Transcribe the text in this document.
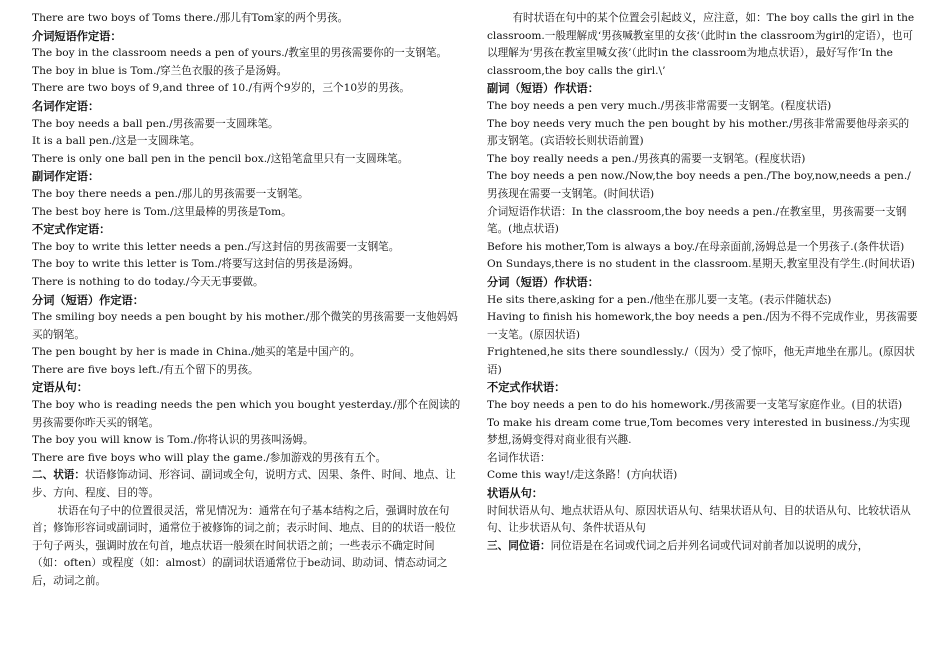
There are two boys of Toms there./那儿有Tom家的两个男孩。

介词短语作定语：

The boy in the classroom needs a pen of yours./教室里的男孩需要你的一支钢笔。

The boy in blue is Tom./穿兰色衣服的孩子是汤姆。

There are two boys of 9,and three of 10./有两个9岁的，三个10岁的男孩。

名词作定语：

The boy needs a ball pen./男孩需要一支圆珠笔。

It is a ball pen./这是一支圆珠笔。

There is only one ball pen in the pencil box./这铅笔盒里只有一支圆珠笔。

副词作定语：

The boy there needs a pen./那儿的男孩需要一支钢笔。

The best boy here is Tom./这里最棒的男孩是Tom。

不定式作定语：

The boy to write this letter needs a pen./写这封信的男孩需要一支钢笔。

The boy to write this letter is Tom./将要写这封信的男孩是汤姆。

There is nothing to do today./今天无事要做。

分词（短语）作定语：

The smiling boy needs a pen bought by his mother./那个微笑的男孩需要一支他妈妈买的钢笔。

The pen bought by her is made in China./她买的笔是中国产的。

There are five boys left./有五个留下的男孩。

定语从句：

The boy who is reading needs the pen which you bought yesterday./那个在阅读的男孩需要你昨天买的钢笔。

The boy you will know is Tom./你将认识的男孩叫汤姆。

There are five boys who will play the game./参加游戏的男孩有五个。

二、状语：状语修饰动词、形容词、副词或全句，说明方式、因果、条件、时间、地点、让步、方向、程度、目的等。

状语在句子中的位置很灵活，常见情况为：通常在句子基本结构之后，强调时放在句首；修饰形容词或副词时，通常位于被修饰的词之前；表示时间、地点、目的的状语一般位于句子两头，强调时放在句首，地点状语一般须在时间状语之前；一些表示不确定时间（如：often）或程度（如：almost）的副词状语通常位于be动词、助动词、情态动词之后，动词之前。

有时状语在句中的某个位置会引起歧义，应注意，如：The boy calls the girl in the classroom.一般理解成‘男孩喊教室里的女孩‘（此时in the classroom为girl的定语），也可以理解为‘男孩在教室里喊女孩’（此时in the classroom为地点状语），最好写作‘In the classroom,the boy calls the girl.\’

副词（短语）作状语：

The boy needs a pen very much./男孩非常需要一支钢笔。(程度状语)

The boy needs very much the pen bought by his mother./男孩非常需要他母亲买的那支钢笔。(宾语较长则状语前置)

The boy really needs a pen./男孩真的需要一支钢笔。(程度状语)

The boy needs a pen now./Now,the boy needs a pen./The boy,now,needs a pen./男孩现在需要一支钢笔。(时间状语)

介词短语作状语：In the classroom,the boy needs a pen./在教室里，男孩需要一支钢笔。(地点状语)

Before his mother,Tom is always a boy./在母亲面前,汤姆总是一个男孩子.(条件状语)

On Sundays,there is no student in the classroom.星期天,教室里没有学生.(时间状语)

分词（短语）作状语：

He sits there,asking for a pen./他坐在那儿要一支笔。(表示伴随状态)

Having to finish his homework,the boy needs a pen./因为不得不完成作业，男孩需要一支笔。(原因状语)

Frightened,he sits there soundlessly./（因为）受了惊吓，他无声地坐在那儿。(原因状语)

不定式作状语：

The boy needs a pen to do his homework./男孩需要一支笔写家庭作业。(目的状语)

To make his dream come true,Tom becomes very interested in business./为实现梦想,汤姆变得对商业很有兴趣.

名词作状语：

Come this way!/走这条路！(方向状语)

状语从句：

时间状语从句、地点状语从句、原因状语从句、结果状语从句、目的状语从句、比较状语从句、让步状语从句、条件状语从句

三、同位语：同位语是在名词或代词之后并列名词或代词对前者加以说明的成分，
